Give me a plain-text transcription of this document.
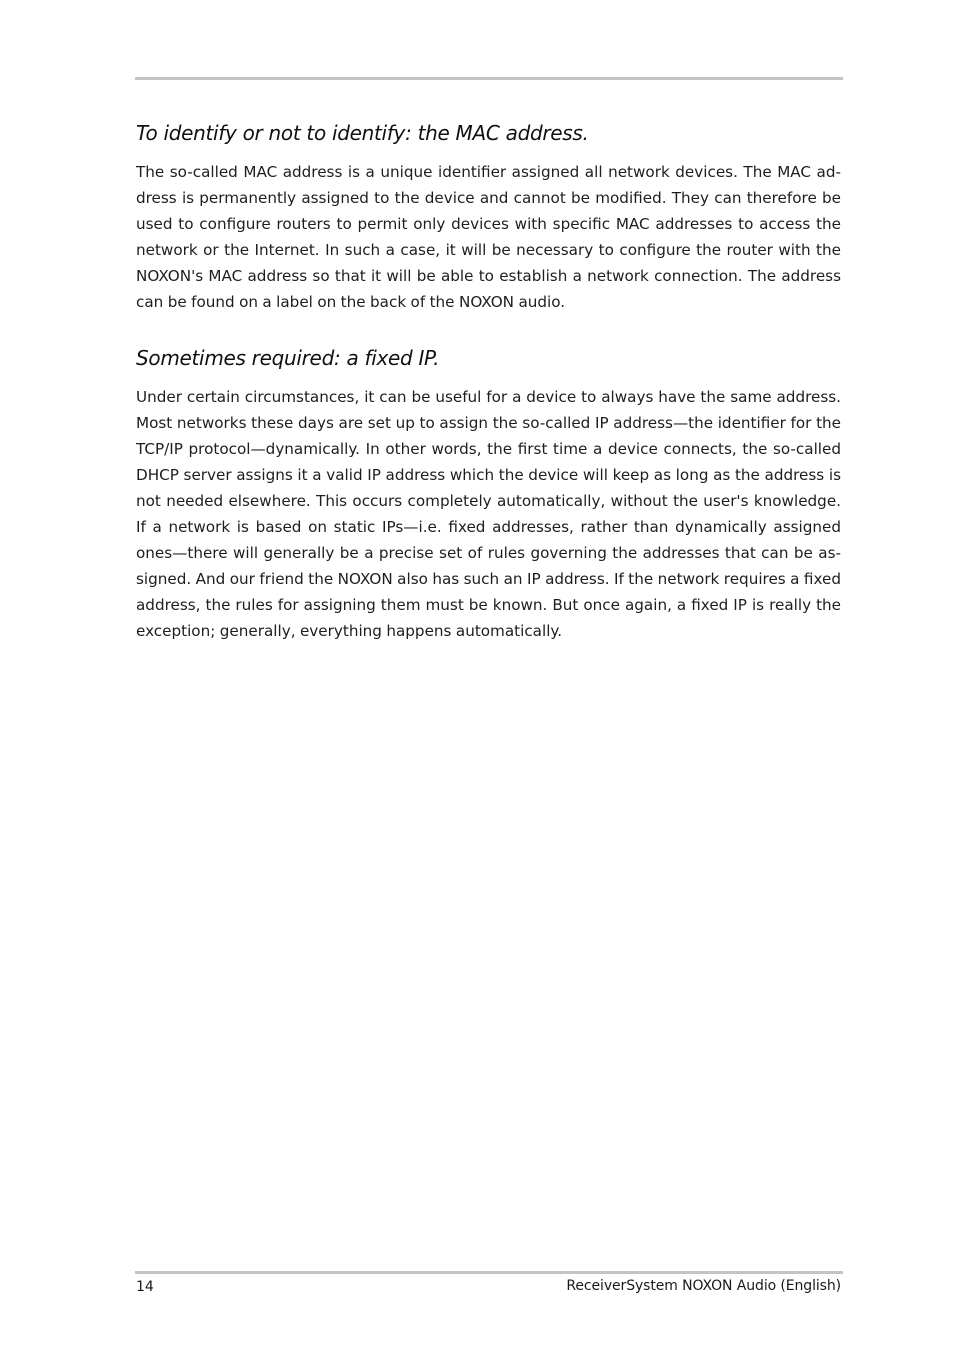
To identify or not to identify: the MAC address.

The so-called MAC address is a unique identifier assigned all network devices. The MAC address is permanently assigned to the device and cannot be modified. They can therefore be used to configure routers to permit only devices with specific MAC addresses to access the network or the Internet. In such a case, it will be necessary to configure the router with the NOXON's MAC address so that it will be able to establish a network connection. The address can be found on a label on the back of the NOXON audio.

Sometimes required: a fixed IP.

Under certain circumstances, it can be useful for a device to always have the same address. Most networks these days are set up to assign the so-called IP address—the identifier for the TCP/IP protocol—dynamically. In other words, the first time a device connects, the so-called DHCP server assigns it a valid IP address which the device will keep as long as the address is not needed elsewhere. This occurs completely automatically, without the user's knowledge. If a network is based on static IPs—i.e. fixed addresses, rather than dynamically assigned ones—there will generally be a precise set of rules governing the addresses that can be assigned. And our friend the NOXON also has such an IP address. If the network requires a fixed address, the rules for assigning them must be known. But once again, a fixed IP is really the exception; generally, everything happens automatically.

14	ReceiverSystem NOXON Audio (English)
